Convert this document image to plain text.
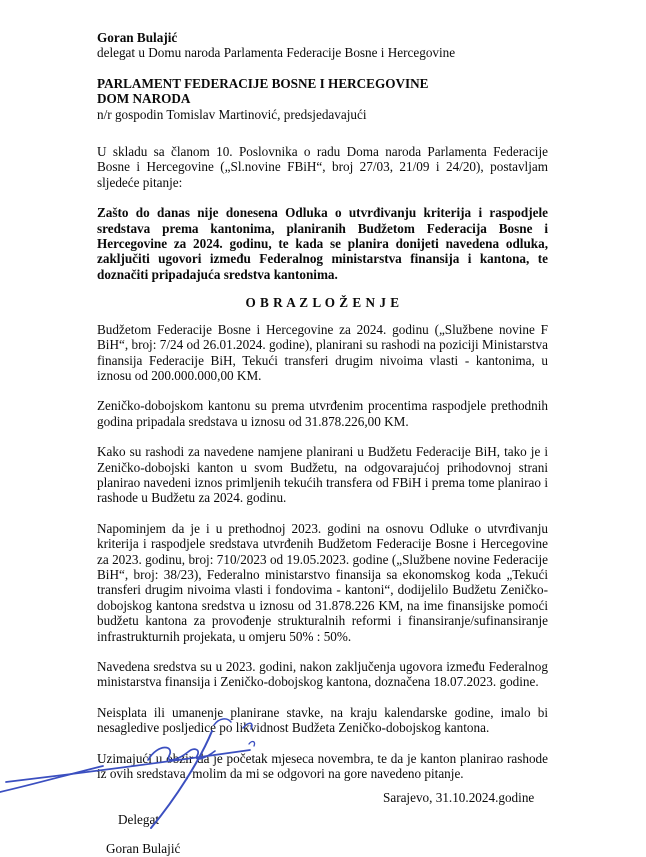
Goran Bulajić
delegat u Domu naroda Parlamenta Federacije Bosne i Hercegovine
PARLAMENT FEDERACIJE BOSNE I HERCEGOVINE
DOM NARODA
n/r gospodin Tomislav Martinović, predsjedavajući
U skladu sa članom 10. Poslovnika o radu Doma naroda Parlamenta Federacije Bosne i Hercegovine („Sl.novine FBiH“, broj 27/03, 21/09 i 24/20), postavljam sljedeće pitanje:
Zašto do danas nije donesena Odluka o utvrđivanju kriterija i raspodjele sredstava prema kantonima, planiranih Budžetom Federacija Bosne i Hercegovine za 2024. godinu, te kada se planira donijeti navedena odluka, zaključiti ugovori između Federalnog ministarstva finansija i kantona, te doznačiti pripadajuća sredstva kantonima.
O B R A Z L O Ž E N J E
Budžetom Federacije Bosne i Hercegovine za 2024. godinu („Službene novine F BiH“, broj: 7/24 od 26.01.2024. godine), planirani su rashodi na poziciji Ministarstva finansija Federacije BiH, Tekući transferi drugim nivoima vlasti - kantonima, u iznosu od 200.000.000,00 KM.
Zeničko-dobojskom kantonu su prema utvrđenim procentima raspodjele prethodnih godina pripadala sredstava u iznosu od 31.878.226,00 KM.
Kako su rashodi za navedene namjene planirani u Budžetu Federacije BiH, tako je i Zeničko-dobojski kanton u svom Budžetu, na odgovarajućoj prihodovnoj strani planirao navedeni iznos primljenih tekućih transfera od FBiH i prema tome planirao i rashode u Budžetu za 2024. godinu.
Napominjem da je i u prethodnoj 2023. godini na osnovu Odluke o utvrđivanju kriterija i raspodjele sredstava utvrđenih Budžetom Federacije Bosne i Hercegovine za 2023. godinu, broj: 710/2023 od 19.05.2023. godine („Službene novine Federacije BiH“, broj: 38/23), Federalno ministarstvo finansija sa ekonomskog koda „Tekući transferi drugim nivoima vlasti i fondovima - kantoni“, dodijelilo Budžetu Zeničko-dobojskog kantona sredstva u iznosu od 31.878.226 KM, na ime finansijske pomoći budžetu kantona za provođenje strukturalnih reformi i finansiranje/sufinansiranje infrastrukturnih projekata, u omjeru 50% : 50%.
Navedena sredstva su u 2023. godini, nakon zaključenja ugovora između Federalnog ministarstva finansija i Zeničko-dobojskog kantona, doznačena 18.07.2023. godine.
Neisplata ili umanenje planirane stavke, na kraju kalendarske godine, imalo bi nesagledive posljedice po likvidnost Budžeta Zeničko-dobojskog kantona.
Uzimajući u obzir da je početak mjeseca novembra, te da je kanton planirao rashode iz ovih sredstava, molim da mi se odgovori na gore navedeno pitanje.
Sarajevo, 31.10.2024.godine
Delegat
Goran Bulajić
